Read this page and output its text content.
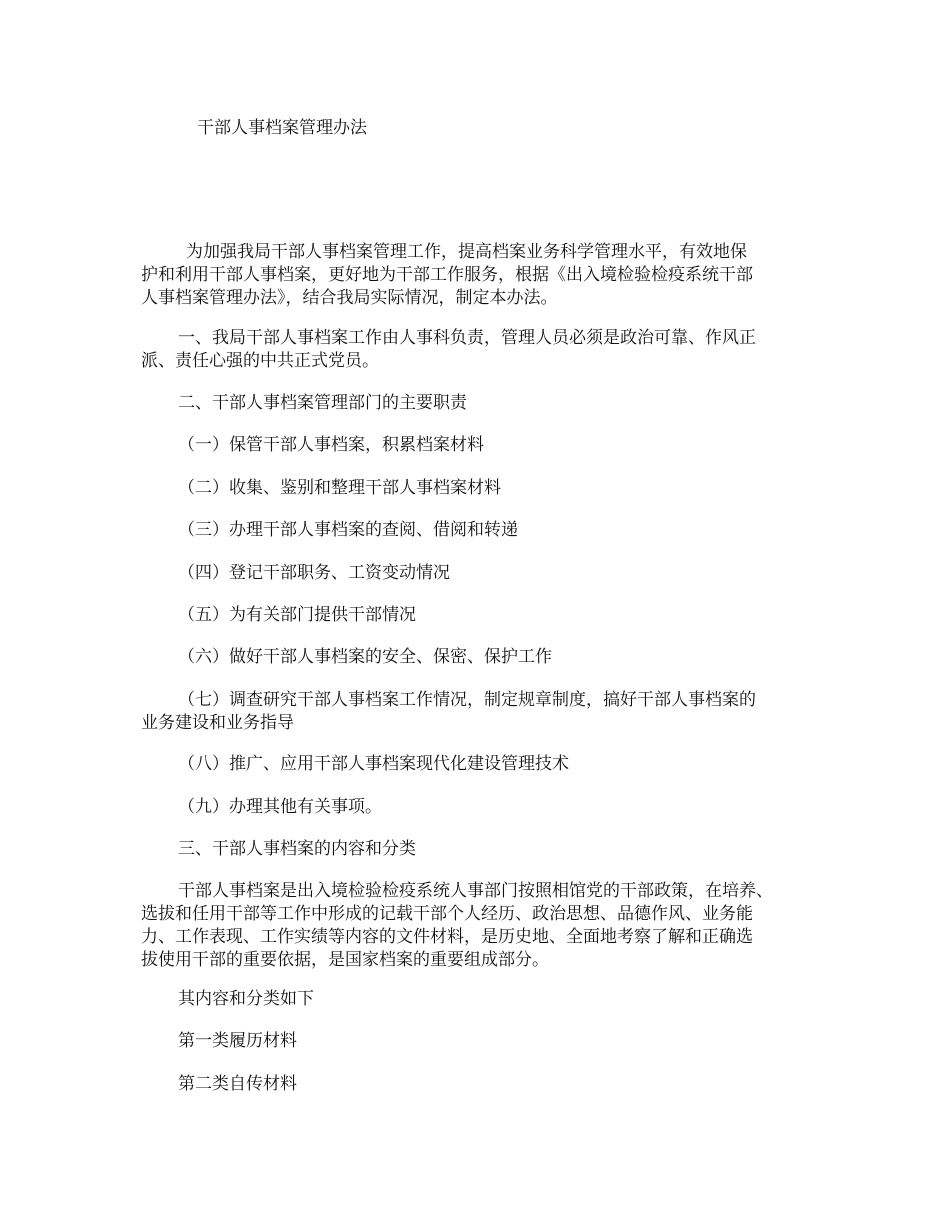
干部人事档案管理办法
为加强我局干部人事档案管理工作，提高档案业务科学管理水平，有效地保
护和利用干部人事档案，更好地为干部工作服务，根据《出入境检验检疫系统干部
人事档案管理办法》，结合我局实际情况，制定本办法。
一、我局干部人事档案工作由人事科负责，管理人员必须是政治可靠、作风正
派、责任心强的中共正式党员。
二、干部人事档案管理部门的主要职责
（一）保管干部人事档案，积累档案材料
（二）收集、鉴别和整理干部人事档案材料
（三）办理干部人事档案的查阅、借阅和转递
（四）登记干部职务、工资变动情况
（五）为有关部门提供干部情况
（六）做好干部人事档案的安全、保密、保护工作
（七）调查研究干部人事档案工作情况，制定规章制度，搞好干部人事档案的
业务建设和业务指导
（八）推广、应用干部人事档案现代化建设管理技术
（九）办理其他有关事项。
三、干部人事档案的内容和分类
干部人事档案是出入境检验检疫系统人事部门按照相馆党的干部政策，在培养、
选拔和任用干部等工作中形成的记载干部个人经历、政治思想、品德作风、业务能
力、工作表现、工作实绩等内容的文件材料，是历史地、全面地考察了解和正确选
拔使用干部的重要依据，是国家档案的重要组成部分。
其内容和分类如下
第一类履历材料
第二类自传材料
